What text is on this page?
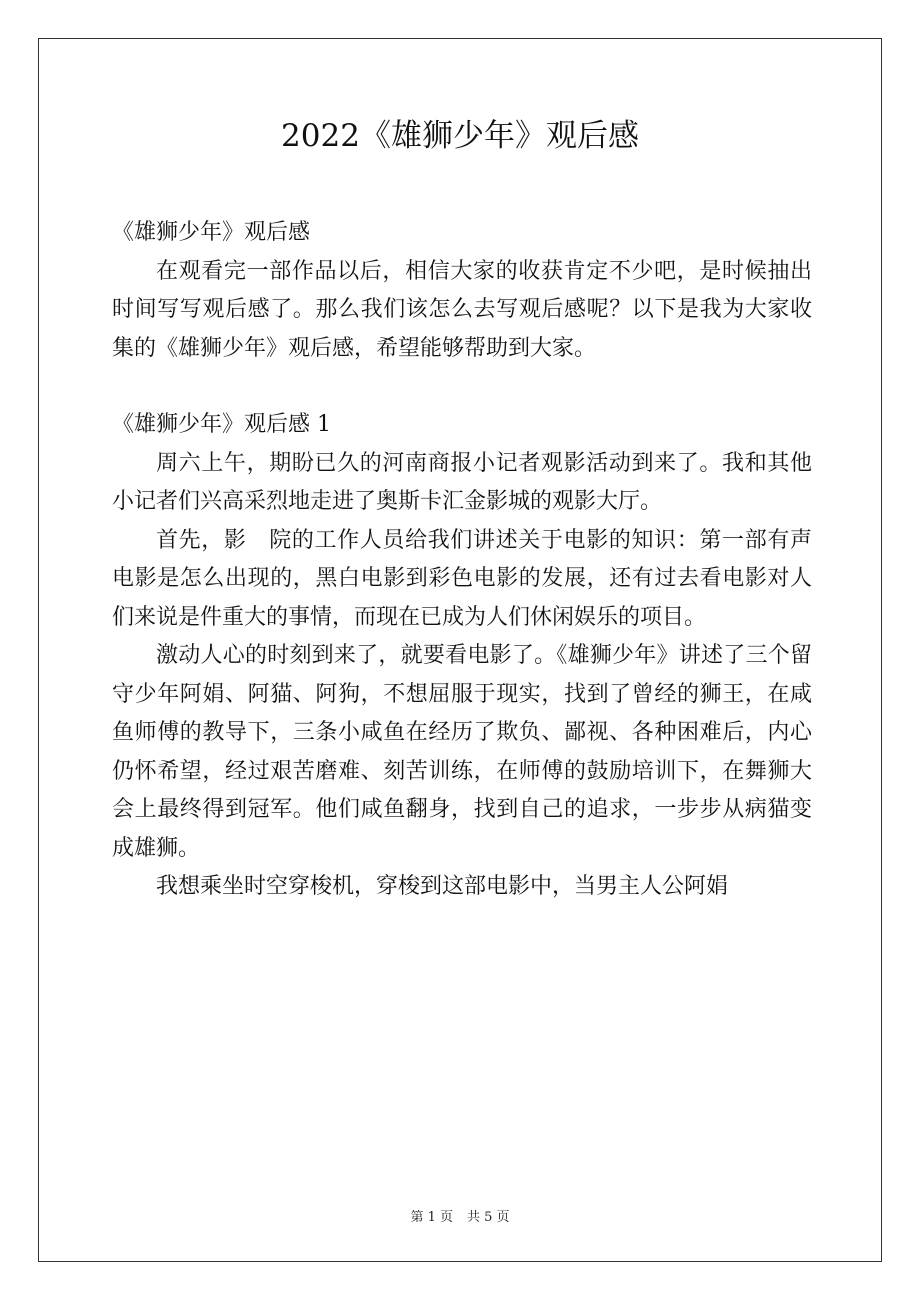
2022《雄狮少年》观后感

《雄狮少年》观后感

在观看完一部作品以后，相信大家的收获肯定不少吧，是时候抽出时间写写观后感了。那么我们该怎么去写观后感呢？以下是我为大家收集的《雄狮少年》观后感，希望能够帮助到大家。

《雄狮少年》观后感 1

周六上午，期盼已久的河南商报小记者观影活动到来了。我和其他小记者们兴高采烈地走进了奥斯卡汇金影城的观影大厅。

首先，影　院的工作人员给我们讲述关于电影的知识：第一部有声电影是怎么出现的，黑白电影到彩色电影的发展，还有过去看电影对人们来说是件重大的事情，而现在已成为人们休闲娱乐的项目。

激动人心的时刻到来了，就要看电影了。《雄狮少年》讲述了三个留守少年阿娟、阿猫、阿狗，不想屈服于现实，找到了曾经的狮王，在咸鱼师傅的教导下，三条小咸鱼在经历了欺负、鄙视、各种困难后，内心仍怀希望，经过艰苦磨难、刻苦训练，在师傅的鼓励培训下，在舞狮大会上最终得到冠军。他们咸鱼翻身，找到自己的追求，一步步从病猫变成雄狮。

我想乘坐时空穿梭机，穿梭到这部电影中，当男主人公阿娟

第 1 页 共 5 页
